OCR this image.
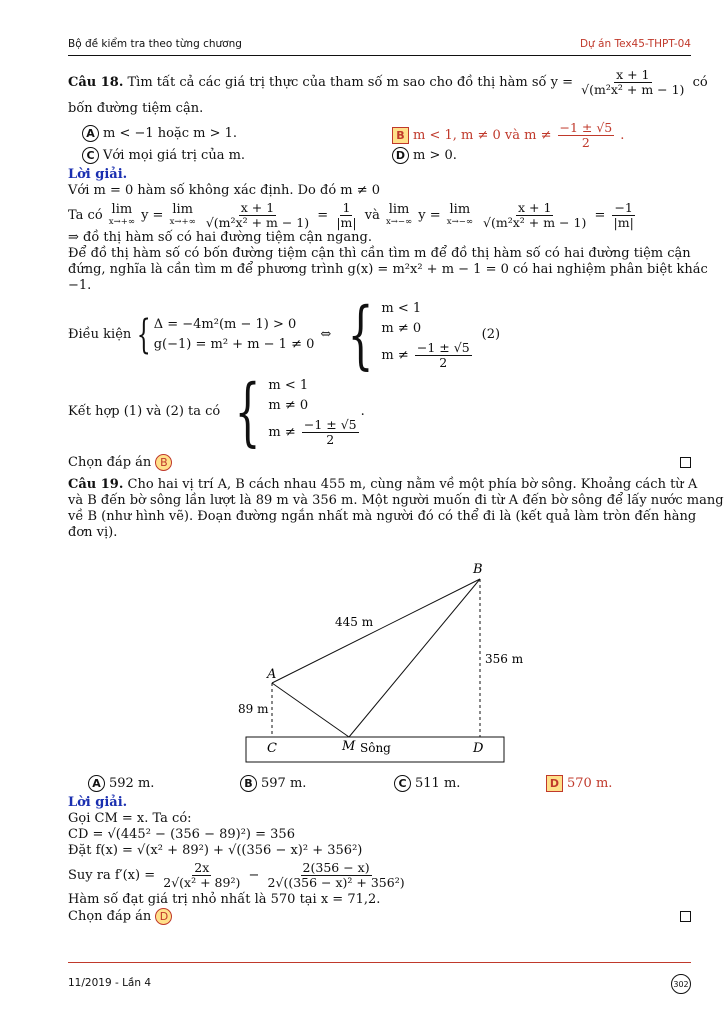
Bộ đề kiểm tra theo từng chương	Dự án Tex45-THPT-04
Câu 18. Tìm tất cả các giá trị thực của tham số m sao cho đồ thị hàm số $y = \frac{x + 1}{\text{√(m²x² + m − 1)}}$ có
bốn đường tiệm cận.
A m < −1 hoặc m > 1.	B m < 1, m ≠ 0 và $m \ne \frac{-1 \pm √5}{2}$ .
C Với mọi giá trị của m.	D m > 0.
Lời giải.
Với m = 0 hàm số không xác định. Do đó m ≠ 0
Ta có lim
x→+∞ y = lim
x→+∞
$\frac{x + 1}{\text{√(m²x² + m − 1)}} = \frac{1}{|m|}$ và lim
x→−∞ y = lim
x→−∞
$\frac{x + 1}{\text{√(m²x² + m − 1)}} = \frac{-1}{|m|}$
⇒ đồ thị hàm số có hai đường tiệm cận ngang.
Để đồ thị hàm số có bốn đường tiệm cận thì cần tìm m để đồ thị hàm số có hai đường tiệm cận
đứng, nghĩa là cần tìm m để phương trình g(x) = m²x² + m − 1 = 0 có hai nghiệm phân biệt khác
−1.
Điều kiện { Δ = −4m²(m − 1) > 0
g(−1) = m² + m − 1 ≠ 0
⇔ { m < 1
m ≠ 0
$m \ne \frac{-1 \pm √5}{2}$
(2)
Kết hợp (1) và (2) ta có { m < 1
m ≠ 0
$m \ne \frac{-1 \pm √5}{2}$
.
Chọn đáp án B
Câu 19. Cho hai vị trí A, B cách nhau 455 m, cùng nằm về một phía bờ sông. Khoảng cách từ A
và B đến bờ sông lần lượt là 89 m và 356 m. Một người muốn đi từ A đến bờ sông để lấy nước mang
về B (như hình vẽ). Đoạn đường ngắn nhất mà người đó có thể đi là (kết quả làm tròn đến hàng
đơn vị).
B
A
C	M	D
Sông
445 m
356 m
89 m
A 592 m.	B 597 m.	C 511 m.	D 570 m.
Lời giải.
Gọi CM = x. Ta có:
CD = √(445² − (356 − 89)²) = 356
Đặt f(x) = √(x² + 89²) + √((356 − x)² + 356²)
Suy ra $f'(x) = \frac{2x}{\text{2√(x² + 89²)}} - \frac{2(356 - x)}{\text{2√((356 − x)² + 356²)}}$
Hàm số đạt giá trị nhỏ nhất là 570 tại x = 71,2.
Chọn đáp án D
11/2019 - Lần 4	302
